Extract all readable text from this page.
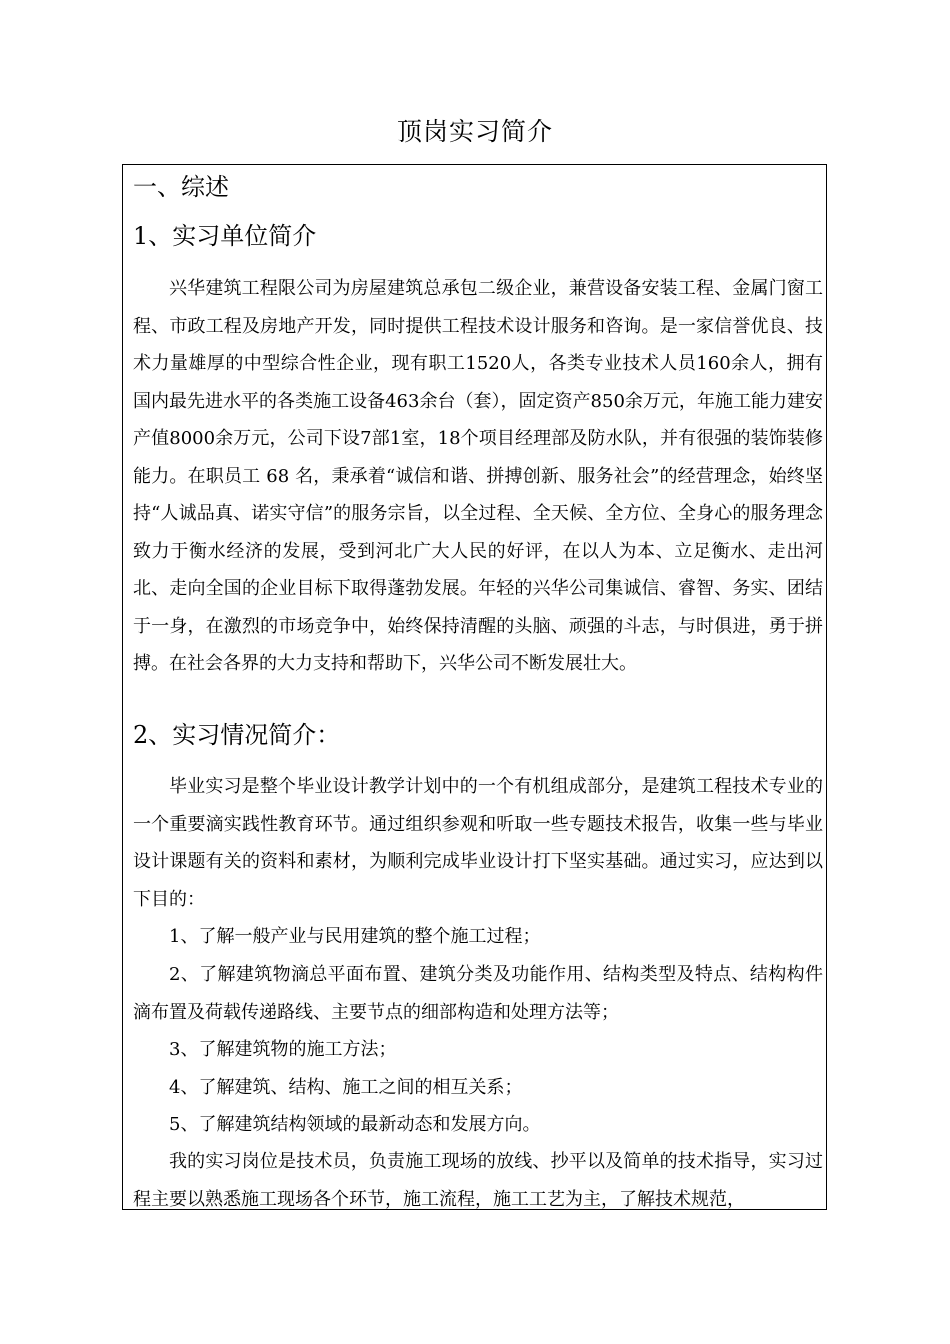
顶岗实习简介
一、综述
1、实习单位简介
兴华建筑工程限公司为房屋建筑总承包二级企业，兼营设备安装工程、金属门窗工程、市政工程及房地产开发，同时提供工程技术设计服务和咨询。是一家信誉优良、技术力量雄厚的中型综合性企业，现有职工1520人，各类专业技术人员160余人，拥有国内最先进水平的各类施工设备463余台（套），固定资产850余万元，年施工能力建安产值8000余万元，公司下设7部1室，18个项目经理部及防水队，并有很强的装饰装修能力。在职员工 68 名，秉承着“诚信和谐、拼搏创新、服务社会”的经营理念，始终坚持“人诚品真、诺实守信”的服务宗旨，以全过程、全天候、全方位、全身心的服务理念致力于衡水经济的发展，受到河北广大人民的好评，在以人为本、立足衡水、走出河北、走向全国的企业目标下取得蓬勃发展。年轻的兴华公司集诚信、睿智、务实、团结于一身，在激烈的市场竞争中，始终保持清醒的头脑、顽强的斗志，与时俱进，勇于拼搏。在社会各界的大力支持和帮助下，兴华公司不断发展壮大。
2、实习情况简介：
毕业实习是整个毕业设计教学计划中的一个有机组成部分，是建筑工程技术专业的一个重要滴实践性教育环节。通过组织参观和听取一些专题技术报告，收集一些与毕业设计课题有关的资料和素材，为顺利完成毕业设计打下坚实基础。通过实习，应达到以下目的：
1、了解一般产业与民用建筑的整个施工过程；
2、了解建筑物滴总平面布置、建筑分类及功能作用、结构类型及特点、结构构件滴布置及荷载传递路线、主要节点的细部构造和处理方法等；
3、了解建筑物的施工方法；
4、了解建筑、结构、施工之间的相互关系；
5、了解建筑结构领域的最新动态和发展方向。
我的实习岗位是技术员，负责施工现场的放线、抄平以及简单的技术指导，实习过程主要以熟悉施工现场各个环节，施工流程，施工工艺为主，了解技术规范，
